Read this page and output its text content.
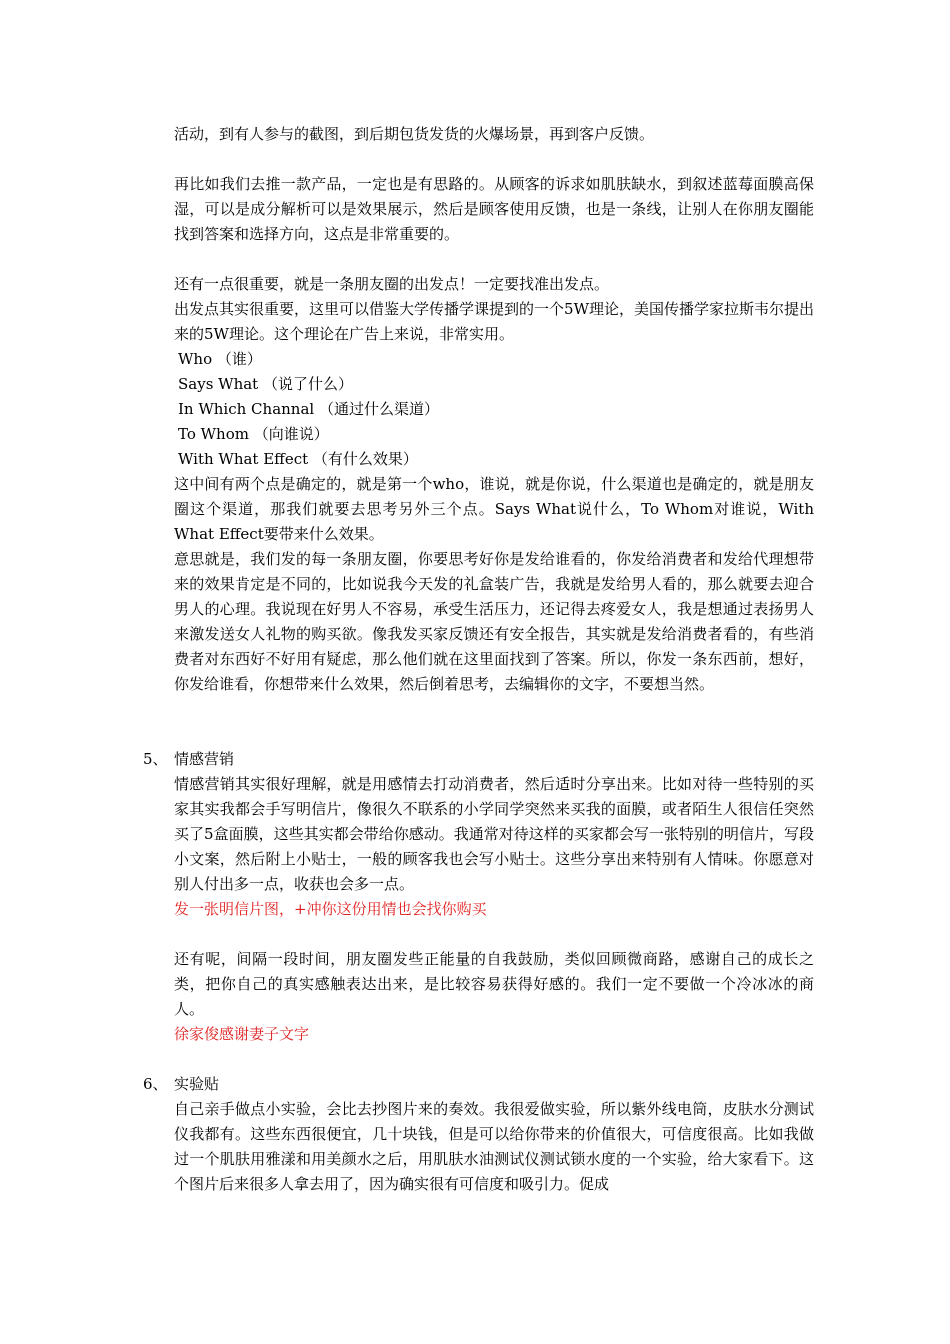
活动，到有人参与的截图，到后期包货发货的火爆场景，再到客户反馈。

再比如我们去推一款产品，一定也是有思路的。从顾客的诉求如肌肤缺水，到叙述蓝莓面膜高保湿，可以是成分解析可以是效果展示，然后是顾客使用反馈，也是一条线，让别人在你朋友圈能找到答案和选择方向，这点是非常重要的。

还有一点很重要，就是一条朋友圈的出发点！一定要找准出发点。

出发点其实很重要，这里可以借鉴大学传播学课提到的一个5W理论，美国传播学家拉斯韦尔提出来的5W理论。这个理论在广告上来说，非常实用。

Who （谁）
Says What （说了什么）
In Which Channal （通过什么渠道）
To Whom （向谁说）
With What Effect （有什么效果）

这中间有两个点是确定的，就是第一个who，谁说，就是你说，什么渠道也是确定的，就是朋友圈这个渠道，那我们就要去思考另外三个点。Says What说什么，To Whom对谁说，With What Effect要带来什么效果。

意思就是，我们发的每一条朋友圈，你要思考好你是发给谁看的，你发给消费者和发给代理想带来的效果肯定是不同的，比如说我今天发的礼盒装广告，我就是发给男人看的，那么就要去迎合男人的心理。我说现在好男人不容易，承受生活压力，还记得去疼爱女人，我是想通过表扬男人来激发送女人礼物的购买欲。像我发买家反馈还有安全报告，其实就是发给消费者看的，有些消费者对东西好不好用有疑虑，那么他们就在这里面找到了答案。所以，你发一条东西前，想好，你发给谁看，你想带来什么效果，然后倒着思考，去编辑你的文字，不要想当然。

5、 情感营销

情感营销其实很好理解，就是用感情去打动消费者，然后适时分享出来。比如对待一些特别的买家其实我都会手写明信片，像很久不联系的小学同学突然来买我的面膜，或者陌生人很信任突然买了5盒面膜，这些其实都会带给你感动。我通常对待这样的买家都会写一张特别的明信片，写段小文案，然后附上小贴士，一般的顾客我也会写小贴士。这些分享出来特别有人情味。你愿意对别人付出多一点，收获也会多一点。

发一张明信片图，+冲你这份用情也会找你购买

还有呢，间隔一段时间，朋友圈发些正能量的自我鼓励，类似回顾微商路，感谢自己的成长之类，把你自己的真实感触表达出来，是比较容易获得好感的。我们一定不要做一个冷冰冰的商人。

徐家俊感谢妻子文字

6、 实验贴

自己亲手做点小实验，会比去抄图片来的奏效。我很爱做实验，所以紫外线电筒，皮肤水分测试仪我都有。这些东西很便宜，几十块钱，但是可以给你带来的价值很大，可信度很高。比如我做过一个肌肤用雅漾和用美颜水之后，用肌肤水油测试仪测试锁水度的一个实验，给大家看下。这个图片后来很多人拿去用了，因为确实很有可信度和吸引力。促成
